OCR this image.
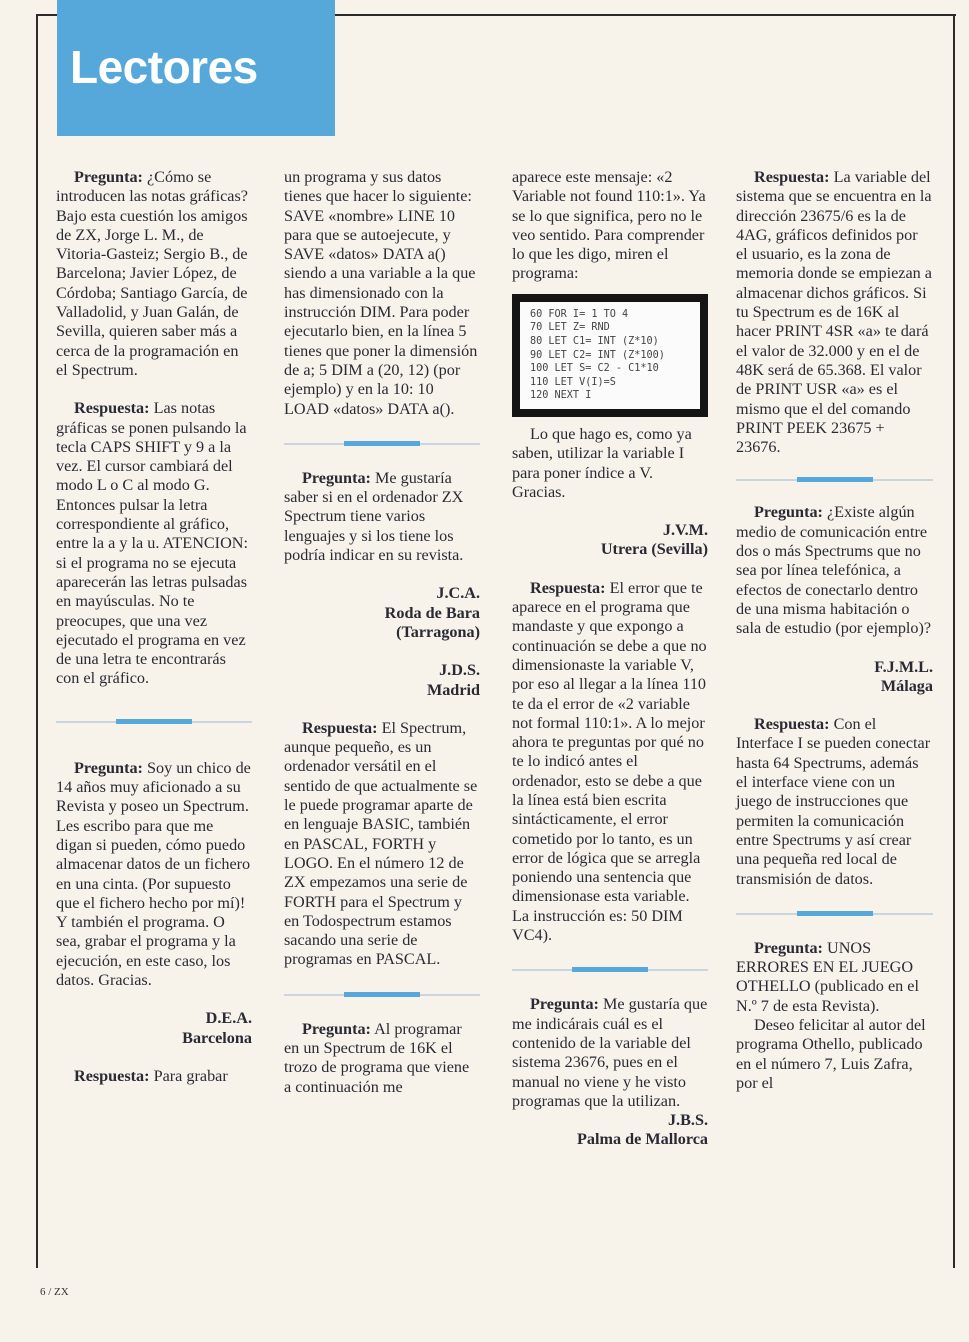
Lectores

Pregunta: ¿Cómo se introducen las notas gráficas?

Bajo esta cuestión los amigos de ZX, Jorge L. M., de Vitoria-Gasteiz; Sergio B., de Barcelona; Javier López, de Córdoba; Santiago García, de Valladolid, y Juan Galán, de Sevilla, quieren saber más a cerca de la programación en el Spectrum.

Respuesta: Las notas gráficas se ponen pulsando la tecla CAPS SHIFT y 9 a la vez. El cursor cambiará del modo L o C al modo G. Entonces pulsar la letra correspondiente al gráfico, entre la a y la u. ATENCION: si el programa no se ejecuta aparecerán las letras pulsadas en mayúsculas. No te preocupes, que una vez ejecutado el programa en vez de una letra te encontrarás con el gráfico.

Pregunta: Soy un chico de 14 años muy aficionado a su Revista y poseo un Spectrum. Les escribo para que me digan si pueden, cómo puedo almacenar datos de un fichero en una cinta. (Por supuesto que el fichero hecho por mí)! Y también el programa. O sea, grabar el programa y la ejecución, en este caso, los datos. Gracias.

D.E.A.

Barcelona

Respuesta: Para grabar

un programa y sus datos tienes que hacer lo siguiente: SAVE «nombre» LINE 10 para que se autoejecute, y SAVE «datos» DATA a() siendo a una variable a la que has dimensionado con la instrucción DIM. Para poder ejecutarlo bien, en la línea 5 tienes que poner la dimensión de a; 5 DIM a (20, 12) (por ejemplo) y en la 10: 10 LOAD «datos» DATA a().

Pregunta: Me gustaría saber si en el ordenador ZX Spectrum tiene varios lenguajes y si los tiene los podría indicar en su revista.

J.C.A.

Roda de Bara

(Tarragona)

J.D.S.

Madrid

Respuesta: El Spectrum, aunque pequeño, es un ordenador versátil en el sentido de que actualmente se le puede programar aparte de en lenguaje BASIC, también en PASCAL, FORTH y LOGO. En el número 12 de ZX empezamos una serie de FORTH para el Spectrum y en Todospectrum estamos sacando una serie de programas en PASCAL.

Pregunta: Al programar en un Spectrum de 16K el trozo de programa que viene a continuación me

aparece este mensaje: «2 Variable not found 110:1». Ya se lo que significa, pero no le veo sentido. Para comprender lo que les digo, miren el programa:

60 FOR I= 1 TO 4
70 LET Z= RND
80 LET C1= INT (Z*10)
90 LET C2= INT (Z*100)
100 LET S= C2 - C1*10
110 LET V(I)=S
120 NEXT I

Lo que hago es, como ya saben, utilizar la variable I para poner índice a V. Gracias.

J.V.M.

Utrera (Sevilla)

Respuesta: El error que te aparece en el programa que mandaste y que expongo a continuación se debe a que no dimensionaste la variable V, por eso al llegar a la línea 110 te da el error de «2 variable not formal 110:1». A lo mejor ahora te preguntas por qué no te lo indicó antes el ordenador, esto se debe a que la línea está bien escrita sintácticamente, el error cometido por lo tanto, es un error de lógica que se arregla poniendo una sentencia que dimensionase esta variable. La instrucción es: 50 DIM VC4).

Pregunta: Me gustaría que me indicárais cuál es el contenido de la variable del sistema 23676, pues en el manual no viene y he visto programas que la utilizan.

J.B.S.

Palma de Mallorca

Respuesta: La variable del sistema que se encuentra en la dirección 23675/6 es la de 4AG, gráficos definidos por el usuario, es la zona de memoria donde se empiezan a almacenar dichos gráficos. Si tu Spectrum es de 16K al hacer PRINT 4SR «a» te dará el valor de 32.000 y en el de 48K será de 65.368. El valor de PRINT USR «a» es el mismo que el del comando PRINT PEEK 23675 + 23676.

Pregunta: ¿Existe algún medio de comunicación entre dos o más Spectrums que no sea por línea telefónica, a efectos de conectarlo dentro de una misma habitación o sala de estudio (por ejemplo)?

F.J.M.L.

Málaga

Respuesta: Con el Interface I se pueden conectar hasta 64 Spectrums, además el interface viene con un juego de instrucciones que permiten la comunicación entre Spectrums y así crear una pequeña red local de transmisión de datos.

Pregunta: UNOS ERRORES EN EL JUEGO OTHELLO (publicado en el N.º 7 de esta Revista).

Deseo felicitar al autor del programa Othello, publicado en el número 7, Luis Zafra, por el

6 / ZX
